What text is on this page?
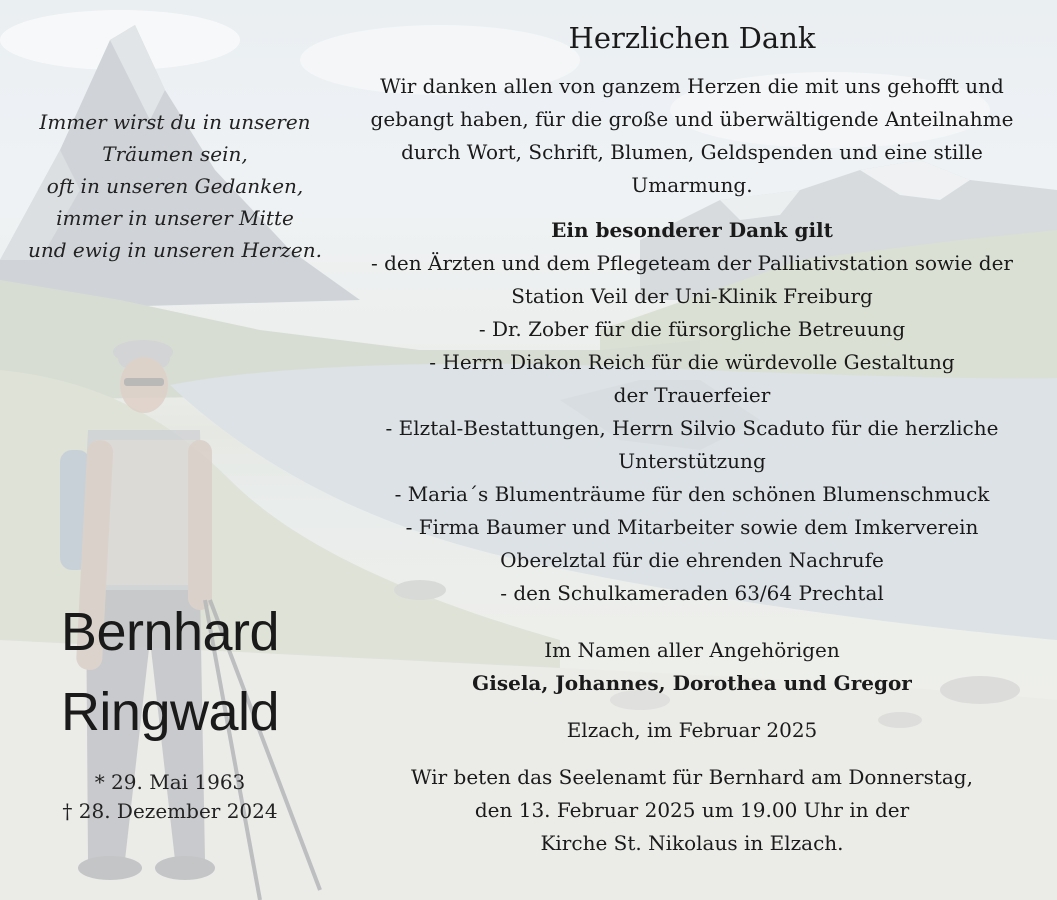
Immer wirst du in unseren
Träumen sein,
oft in unseren Gedanken,
immer in unserer Mitte
und ewig in unseren Herzen.
Bernhard
Ringwald
* 29. Mai 1963
† 28. Dezember 2024
Herzlichen Dank
Wir danken allen von ganzem Herzen die mit uns gehofft und
gebangt haben, für die große und überwältigende Anteilnahme
durch Wort, Schrift, Blumen, Geldspenden und eine stille
Umarmung.
Ein besonderer Dank gilt
- den Ärzten und dem Pflegeteam der Palliativstation sowie der
Station Veil der Uni-Klinik Freiburg
- Dr. Zober für die fürsorgliche Betreuung
- Herrn Diakon Reich für die würdevolle Gestaltung
der Trauerfeier
- Elztal-Bestattungen, Herrn Silvio Scaduto für die herzliche
Unterstützung
- Maria´s Blumenträume für den schönen Blumenschmuck
- Firma Baumer und Mitarbeiter sowie dem Imkerverein
Oberelztal für die ehrenden Nachrufe
- den Schulkameraden 63/64 Prechtal
Im Namen aller Angehörigen
Gisela, Johannes, Dorothea und Gregor
Elzach, im Februar 2025
Wir beten das Seelenamt für Bernhard am Donnerstag,
den 13. Februar 2025 um 19.00 Uhr in der
Kirche St. Nikolaus in Elzach.
